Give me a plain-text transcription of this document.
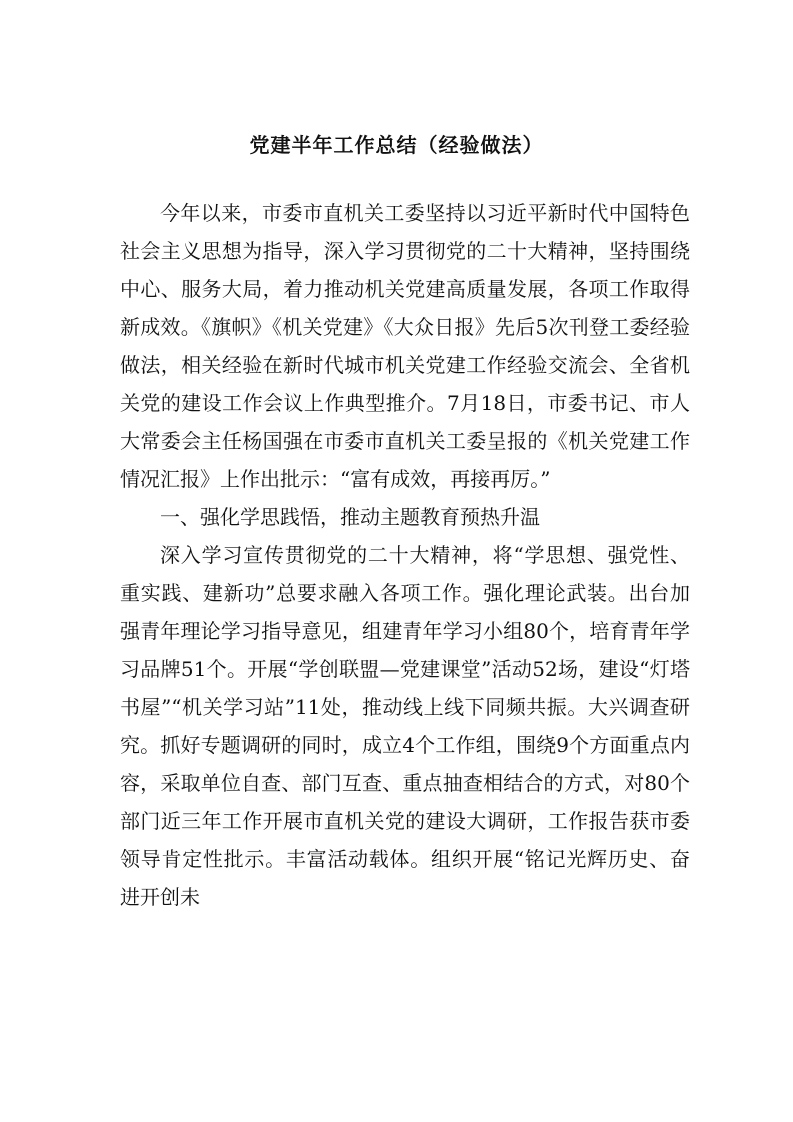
党建半年工作总结（经验做法）

今年以来，市委市直机关工委坚持以习近平新时代中国特色社会主义思想为指导，深入学习贯彻党的二十大精神，坚持围绕中心、服务大局，着力推动机关党建高质量发展，各项工作取得新成效。《旗帜》《机关党建》《大众日报》先后5次刊登工委经验做法，相关经验在新时代城市机关党建工作经验交流会、全省机关党的建设工作会议上作典型推介。7月18日，市委书记、市人大常委会主任杨国强在市委市直机关工委呈报的《机关党建工作情况汇报》上作出批示：“富有成效，再接再厉。”

一、强化学思践悟，推动主题教育预热升温

深入学习宣传贯彻党的二十大精神，将“学思想、强党性、重实践、建新功”总要求融入各项工作。强化理论武装。出台加强青年理论学习指导意见，组建青年学习小组80个，培育青年学习品牌51个。开展“学创联盟—党建课堂”活动52场，建设“灯塔书屋”“机关学习站”11处，推动线上线下同频共振。大兴调查研究。抓好专题调研的同时，成立4个工作组，围绕9个方面重点内容，采取单位自查、部门互查、重点抽查相结合的方式，对80个部门近三年工作开展市直机关党的建设大调研，工作报告获市委领导肯定性批示。丰富活动载体。组织开展“铭记光辉历史、奋进开创未
